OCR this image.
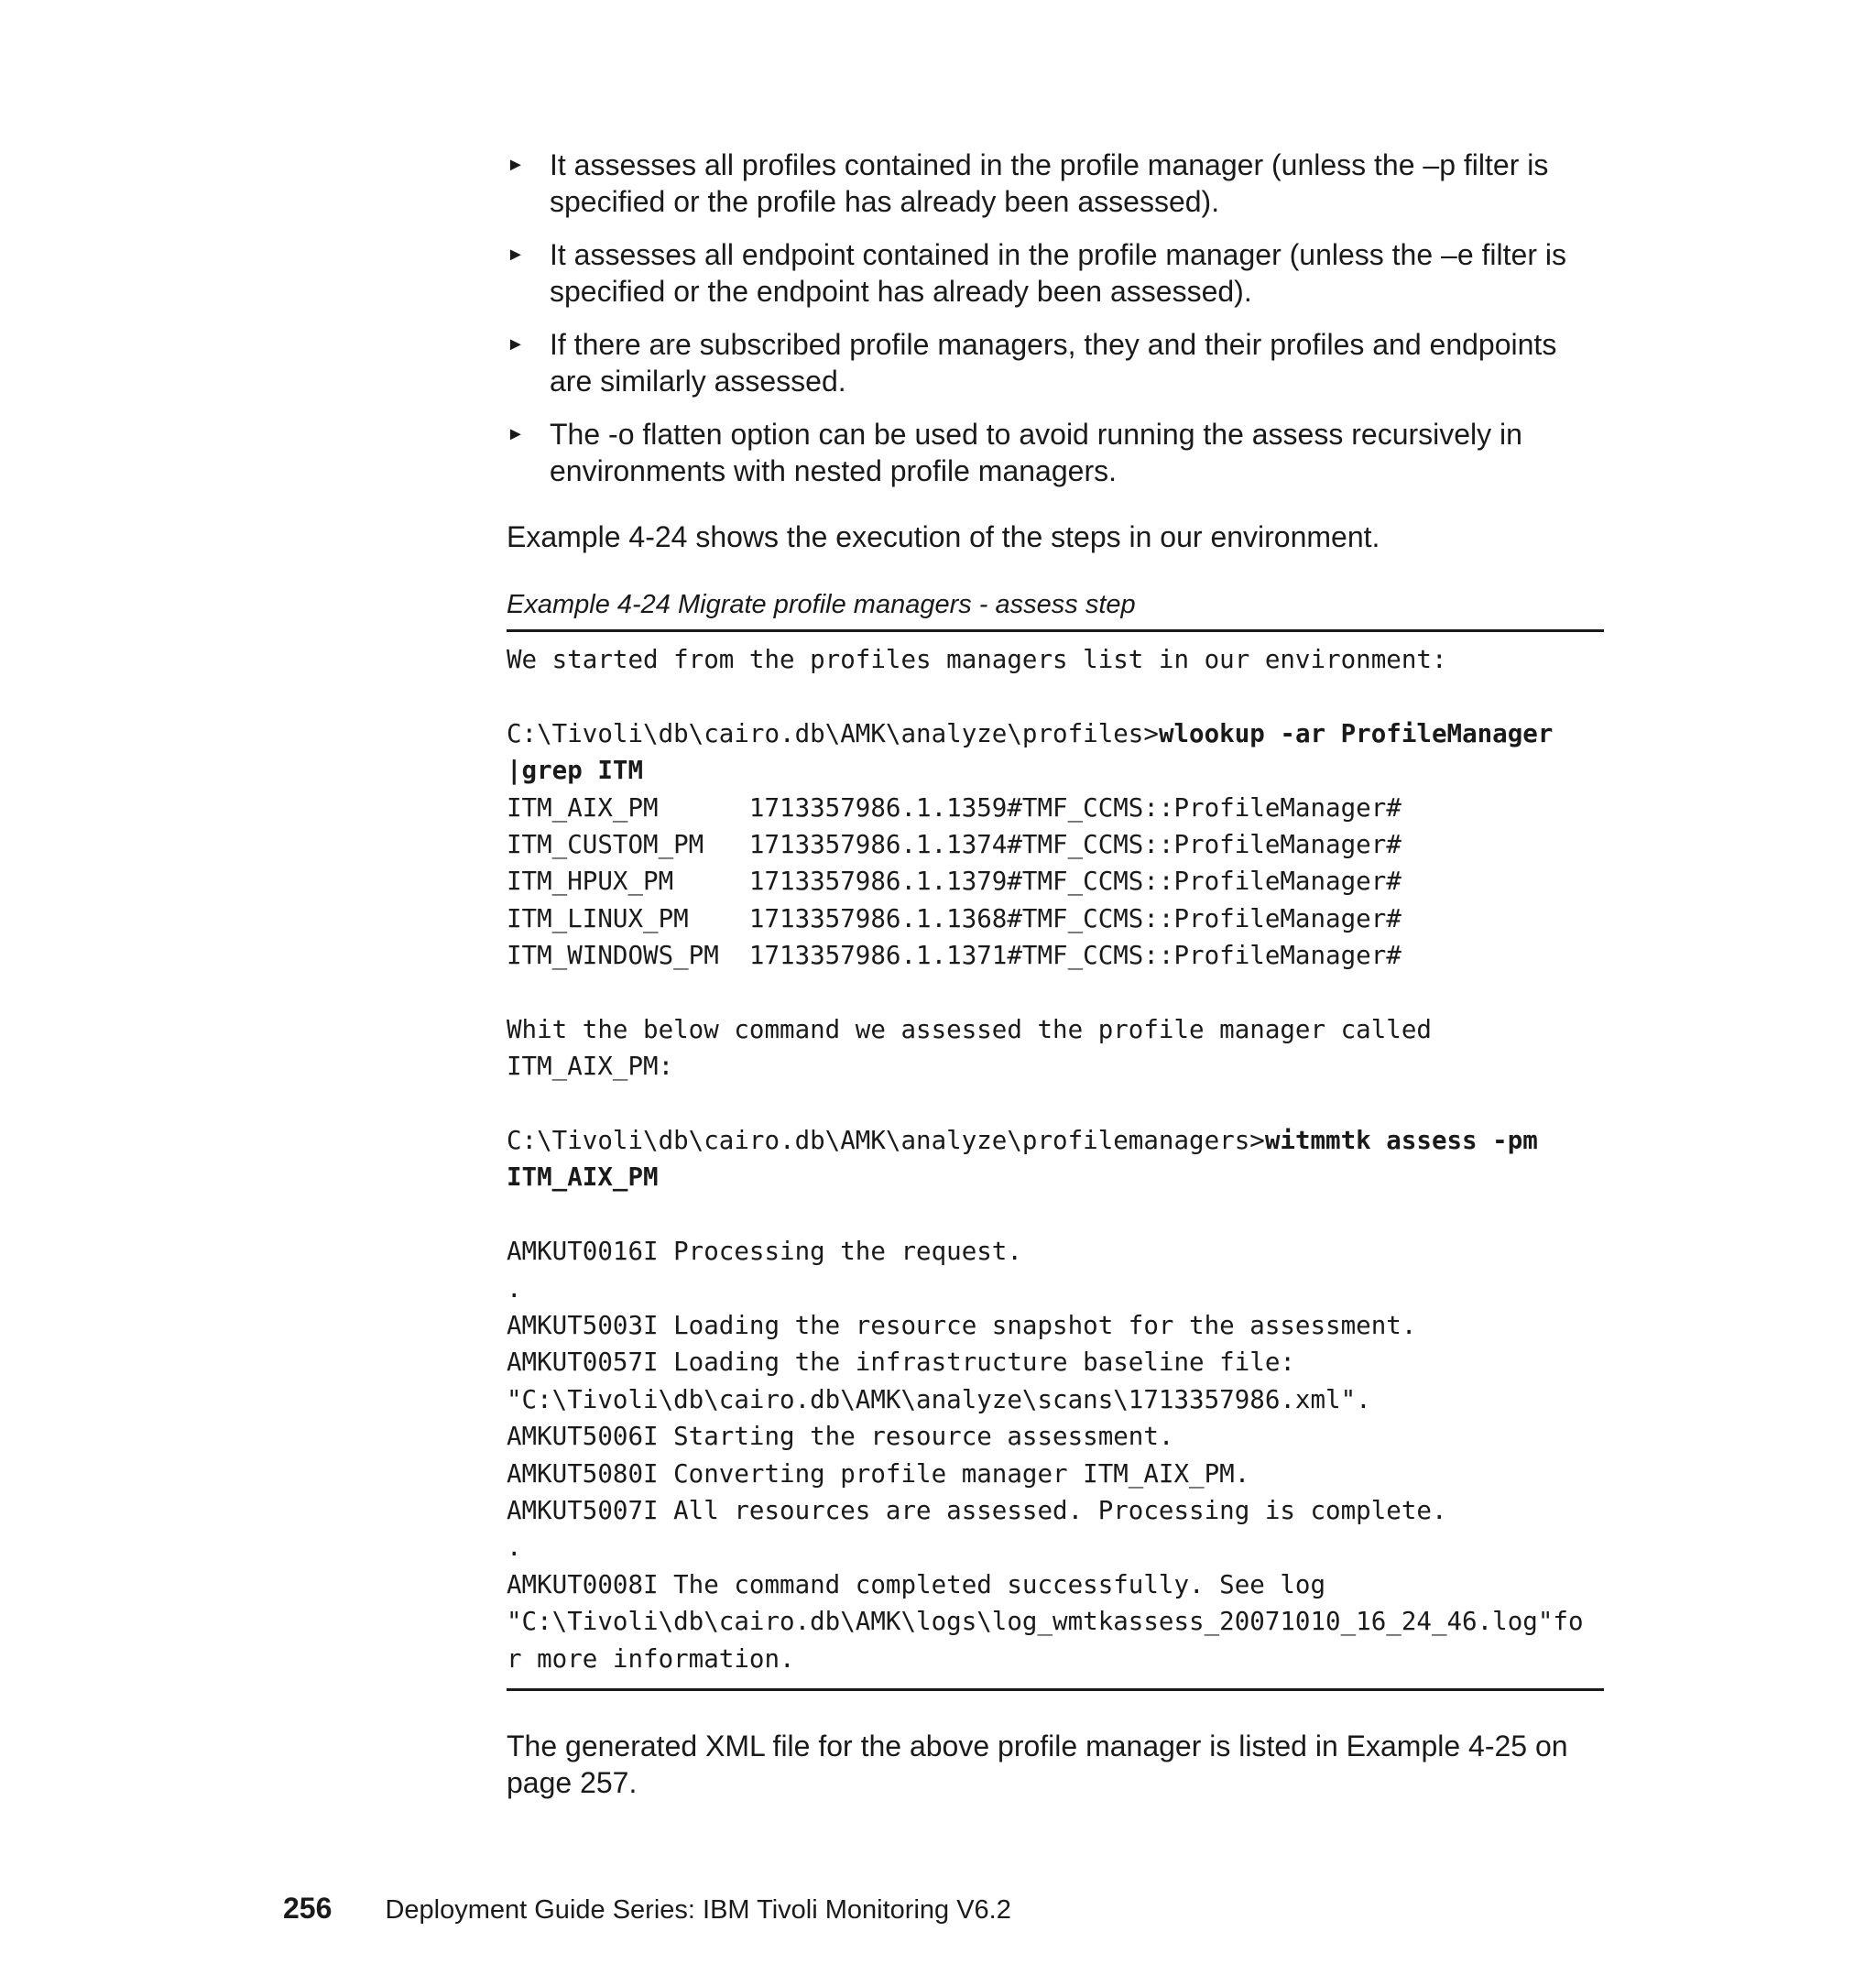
► It assesses all profiles contained in the profile manager (unless the –p filter is specified or the profile has already been assessed).
► It assesses all endpoint contained in the profile manager (unless the –e filter is specified or the endpoint has already been assessed).
► If there are subscribed profile managers, they and their profiles and endpoints are similarly assessed.
► The -o flatten option can be used to avoid running the assess recursively in environments with nested profile managers.

Example 4-24 shows the execution of the steps in our environment.

Example 4-24 Migrate profile managers - assess step

We started from the profiles managers list in our environment:
C:\Tivoli\db\cairo.db\AMK\analyze\profiles>wlookup -ar ProfileManager
|grep ITM
ITM_AIX_PM      1713357986.1.1359#TMF_CCMS::ProfileManager#
ITM_CUSTOM_PM   1713357986.1.1374#TMF_CCMS::ProfileManager#
ITM_HPUX_PM     1713357986.1.1379#TMF_CCMS::ProfileManager#
ITM_LINUX_PM    1713357986.1.1368#TMF_CCMS::ProfileManager#
ITM_WINDOWS_PM  1713357986.1.1371#TMF_CCMS::ProfileManager#
Whit the below command we assessed the profile manager called
ITM_AIX_PM:
C:\Tivoli\db\cairo.db\AMK\analyze\profilemanagers>witmmtk assess -pm
ITM_AIX_PM
AMKUT0016I Processing the request.
.
AMKUT5003I Loading the resource snapshot for the assessment.
AMKUT0057I Loading the infrastructure baseline file:
"C:\Tivoli\db\cairo.db\AMK\analyze\scans\1713357986.xml".
AMKUT5006I Starting the resource assessment.
AMKUT5080I Converting profile manager ITM_AIX_PM.
AMKUT5007I All resources are assessed. Processing is complete.
.
AMKUT0008I The command completed successfully. See log
"C:\Tivoli\db\cairo.db\AMK\logs\log_wmtkassess_20071010_16_24_46.log"fo
r more information.

The generated XML file for the above profile manager is listed in Example 4-25 on page 257.

256 Deployment Guide Series: IBM Tivoli Monitoring V6.2
